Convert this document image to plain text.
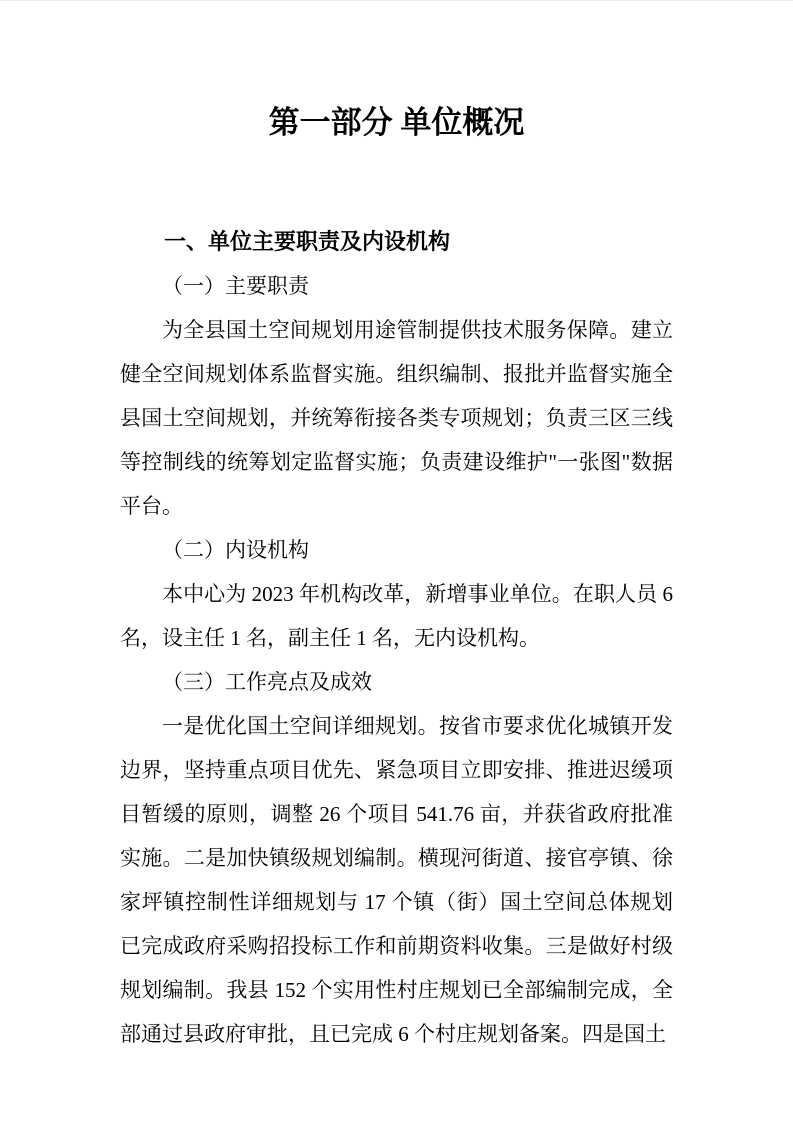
第一部分 单位概况
一、单位主要职责及内设机构
（一）主要职责

为全县国土空间规划用途管制提供技术服务保障。建立健全空间规划体系监督实施。组织编制、报批并监督实施全县国土空间规划，并统筹衔接各类专项规划；负责三区三线等控制线的统筹划定监督实施；负责建设维护"一张图"数据平台。

（二）内设机构

本中心为 2023 年机构改革，新增事业单位。在职人员 6 名，设主任 1 名，副主任 1 名，无内设机构。

（三）工作亮点及成效

一是优化国土空间详细规划。按省市要求优化城镇开发边界，坚持重点项目优先、紧急项目立即安排、推进迟缓项目暂缓的原则，调整 26 个项目 541.76 亩，并获省政府批准实施。二是加快镇级规划编制。横现河街道、接官亭镇、徐家坪镇控制性详细规划与 17 个镇（街）国土空间总体规划已完成政府采购招投标工作和前期资料收集。三是做好村级规划编制。我县 152 个实用性村庄规划已全部编制完成，全部通过县政府审批，且已完成 6 个村庄规划备案。四是国土
